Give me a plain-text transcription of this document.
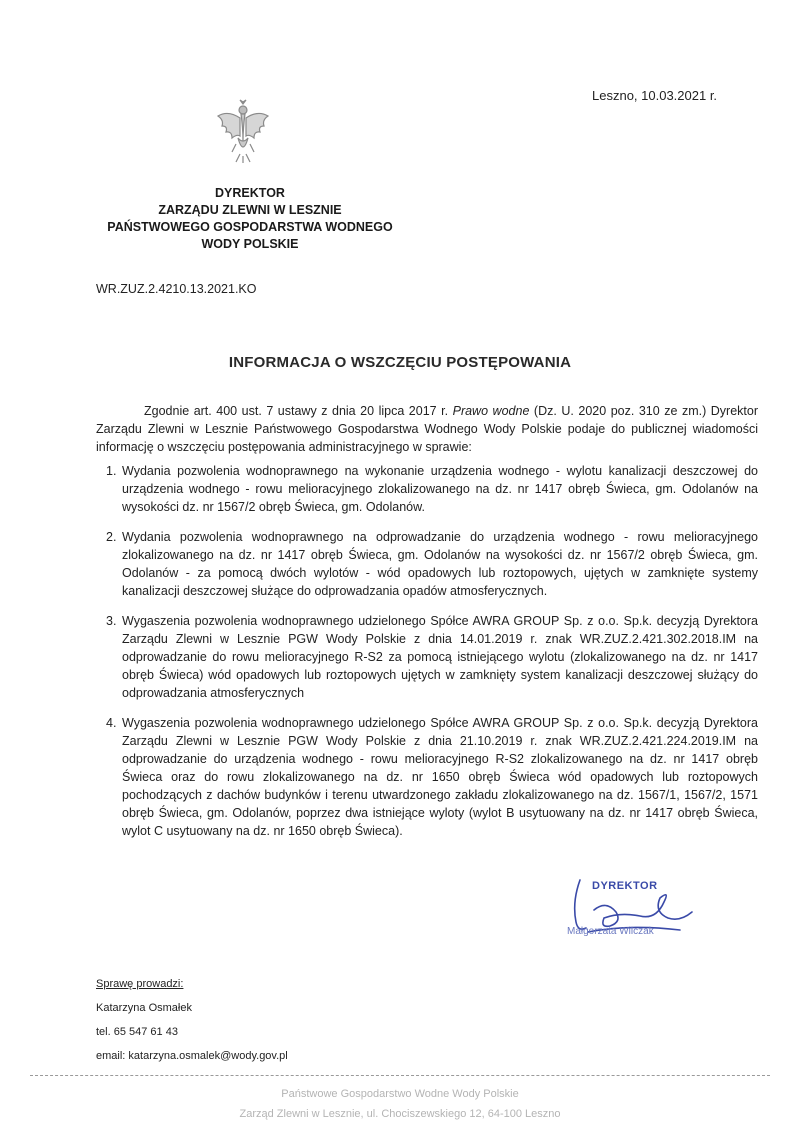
Leszno, 10.03.2021 r.
DYREKTOR
ZARZĄDU ZLEWNI W LESZNIE
PAŃSTWOWEGO GOSPODARSTWA WODNEGO
WODY POLSKIE
WR.ZUZ.2.4210.13.2021.KO
INFORMACJA O WSZCZĘCIU POSTĘPOWANIA
Zgodnie art. 400 ust. 7 ustawy z dnia 20 lipca 2017 r. Prawo wodne (Dz. U. 2020 poz. 310 ze zm.) Dyrektor Zarządu Zlewni w Lesznie Państwowego Gospodarstwa Wodnego Wody Polskie podaje do publicznej wiadomości informację o wszczęciu postępowania administracyjnego w sprawie:
1. Wydania pozwolenia wodnoprawnego na wykonanie urządzenia wodnego - wylotu kanalizacji deszczowej do urządzenia wodnego - rowu melioracyjnego zlokalizowanego na dz. nr 1417 obręb Świeca, gm. Odolanów na wysokości dz. nr 1567/2 obręb Świeca, gm. Odolanów.
2. Wydania pozwolenia wodnoprawnego na odprowadzanie do urządzenia wodnego - rowu melioracyjnego zlokalizowanego na dz. nr 1417 obręb Świeca, gm. Odolanów na wysokości dz. nr 1567/2 obręb Świeca, gm. Odolanów - za pomocą dwóch wylotów - wód opadowych lub roztopowych, ujętych w zamknięte systemy kanalizacji deszczowej służące do odprowadzania opadów atmosferycznych.
3. Wygaszenia pozwolenia wodnoprawnego udzielonego Spółce AWRA GROUP Sp. z o.o. Sp.k. decyzją Dyrektora Zarządu Zlewni w Lesznie PGW Wody Polskie z dnia 14.01.2019 r. znak WR.ZUZ.2.421.302.2018.IM na odprowadzanie do rowu melioracyjnego R-S2 za pomocą istniejącego wylotu (zlokalizowanego na dz. nr 1417 obręb Świeca) wód opadowych lub roztopowych ujętych w zamknięty system kanalizacji deszczowej służący do odprowadzania atmosferycznych
4. Wygaszenia pozwolenia wodnoprawnego udzielonego Spółce AWRA GROUP Sp. z o.o. Sp.k. decyzją Dyrektora Zarządu Zlewni w Lesznie PGW Wody Polskie z dnia 21.10.2019 r. znak WR.ZUZ.2.421.224.2019.IM na odprowadzanie do urządzenia wodnego - rowu melioracyjnego R-S2 zlokalizowanego na dz. nr 1417 obręb Świeca oraz do rowu zlokalizowanego na dz. nr 1650 obręb Świeca wód opadowych lub roztopowych pochodzących z dachów budynków i terenu utwardzonego zakładu zlokalizowanego na dz. 1567/1, 1567/2, 1571 obręb Świeca, gm. Odolanów, poprzez dwa istniejące wyloty (wylot B usytuowany na dz. nr 1417 obręb Świeca, wylot C usytuowany na dz. nr 1650 obręb Świeca).
DYREKTOR
Małgorzata Wilczak
Sprawę prowadzi:
Katarzyna Osmałek
tel. 65 547 61 43
email: katarzyna.osmalek@wody.gov.pl
Państwowe Gospodarstwo Wodne Wody Polskie
Zarząd Zlewni w Lesznie, ul. Chociszewskiego 12, 64-100 Leszno
